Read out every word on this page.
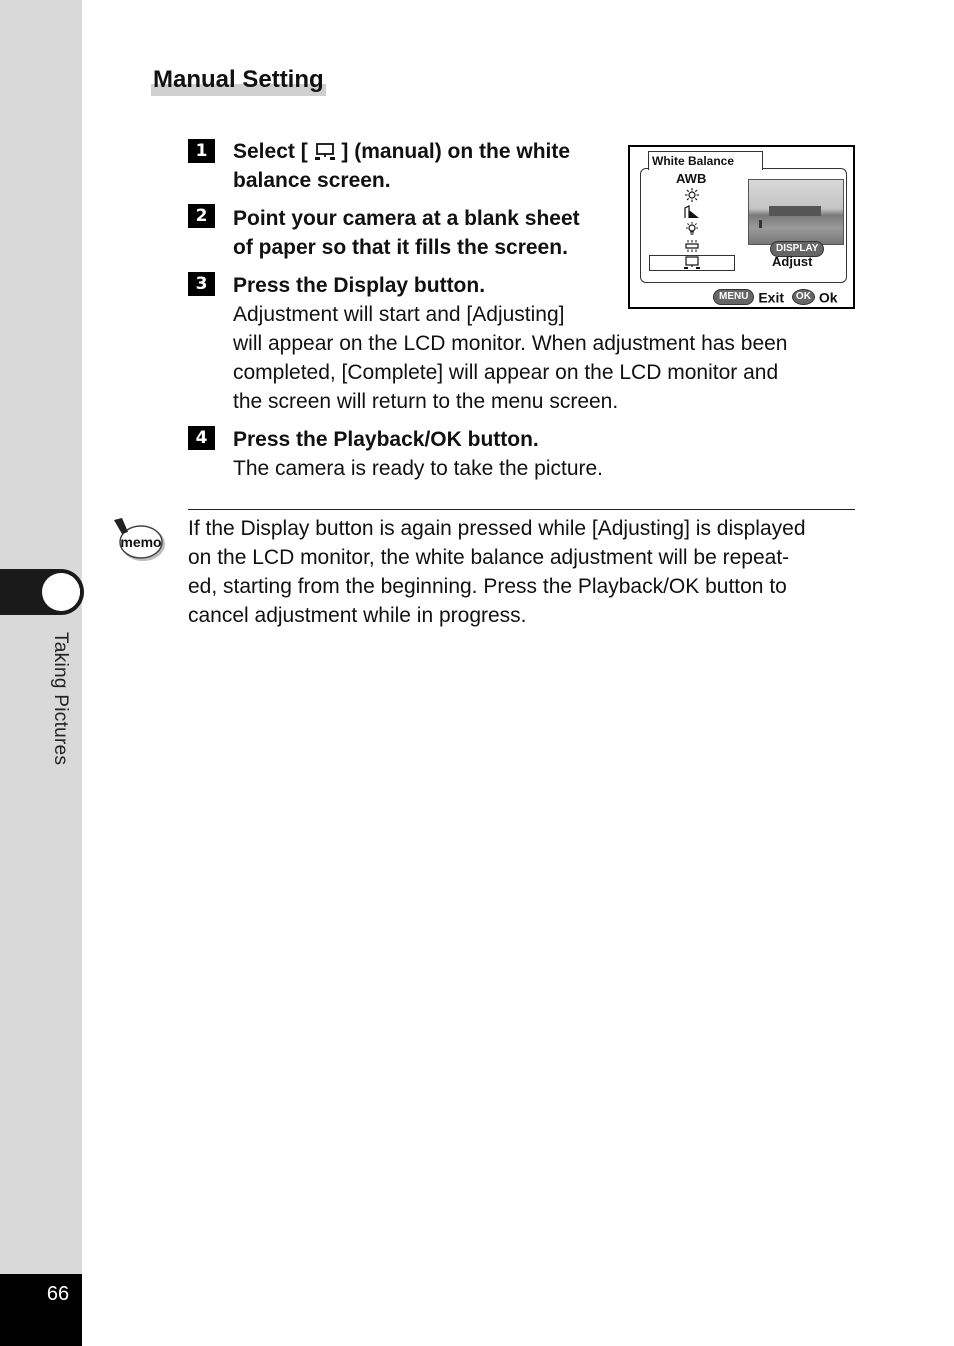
Taking Pictures
66
Manual Setting
1	Select [ ] (manual) on the white
balance screen.
2	Point your camera at a blank sheet
of paper so that it fills the screen.
3	Press the Display button.
Adjustment will start and [Adjusting]
will appear on the LCD monitor. When adjustment has been
completed, [Complete] will appear on the LCD monitor and
the screen will return to the menu screen.
4	Press the Playback/OK button.
The camera is ready to take the picture.
White Balance
AWB
DISPLAY
Adjust
MENU Exit OK Ok
memo
If the Display button is again pressed while [Adjusting] is displayed
on the LCD monitor, the white balance adjustment will be repeat-
ed, starting from the beginning. Press the Playback/OK button to
cancel adjustment while in progress.
